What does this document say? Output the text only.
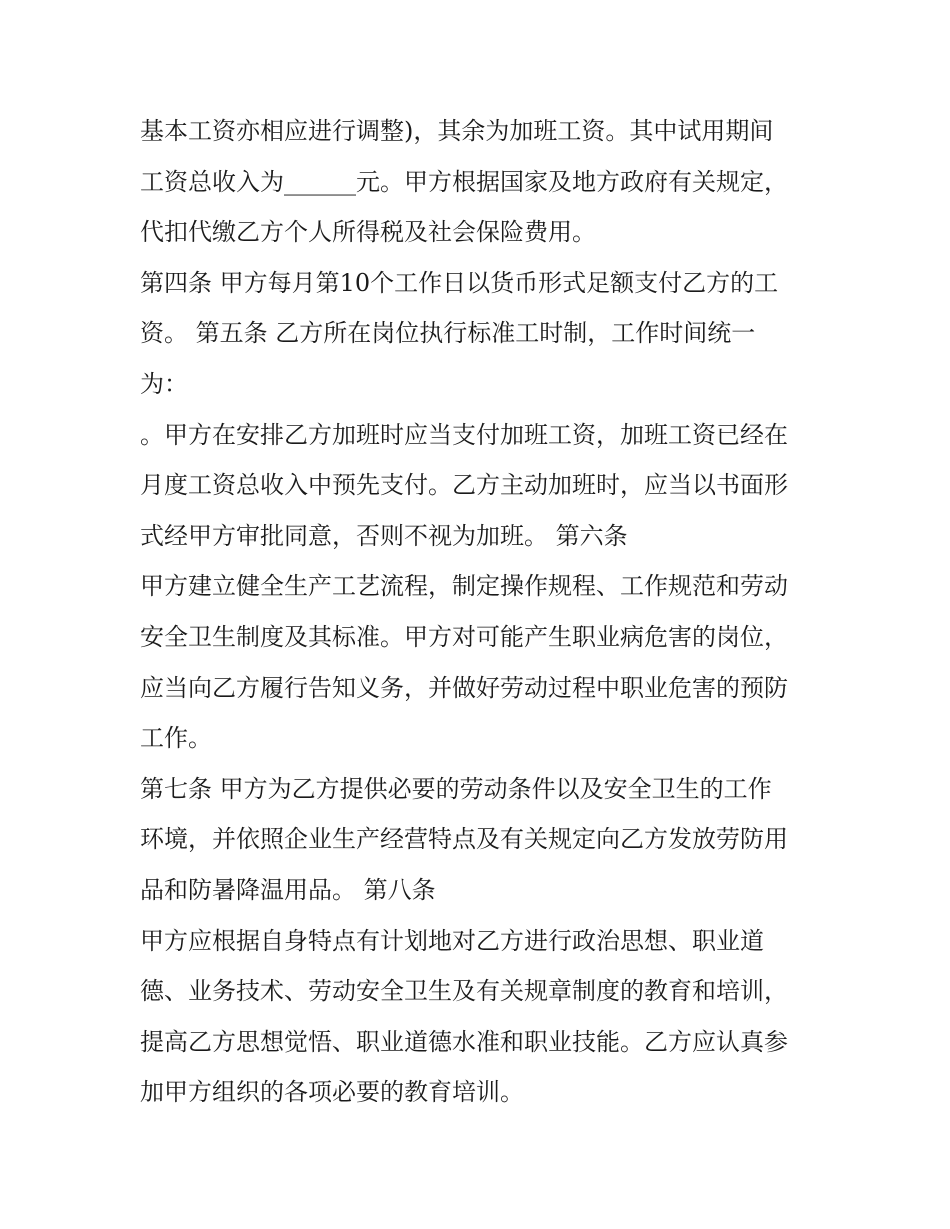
基本工资亦相应进行调整)，其余为加班工资。其中试用期间
工资总收入为______元。甲方根据国家及地方政府有关规定，
代扣代缴乙方个人所得税及社会保险费用。
第四条 甲方每月第10个工作日以货币形式足额支付乙方的工
资。 第五条 乙方所在岗位执行标准工时制，工作时间统一
为：
。甲方在安排乙方加班时应当支付加班工资，加班工资已经在
月度工资总收入中预先支付。乙方主动加班时，应当以书面形
式经甲方审批同意，否则不视为加班。 第六条
甲方建立健全生产工艺流程，制定操作规程、工作规范和劳动
安全卫生制度及其标准。甲方对可能产生职业病危害的岗位，
应当向乙方履行告知义务，并做好劳动过程中职业危害的预防
工作。
第七条 甲方为乙方提供必要的劳动条件以及安全卫生的工作
环境，并依照企业生产经营特点及有关规定向乙方发放劳防用
品和防暑降温用品。 第八条
甲方应根据自身特点有计划地对乙方进行政治思想、职业道
德、业务技术、劳动安全卫生及有关规章制度的教育和培训，
提高乙方思想觉悟、职业道德水准和职业技能。乙方应认真参
加甲方组织的各项必要的教育培训。
